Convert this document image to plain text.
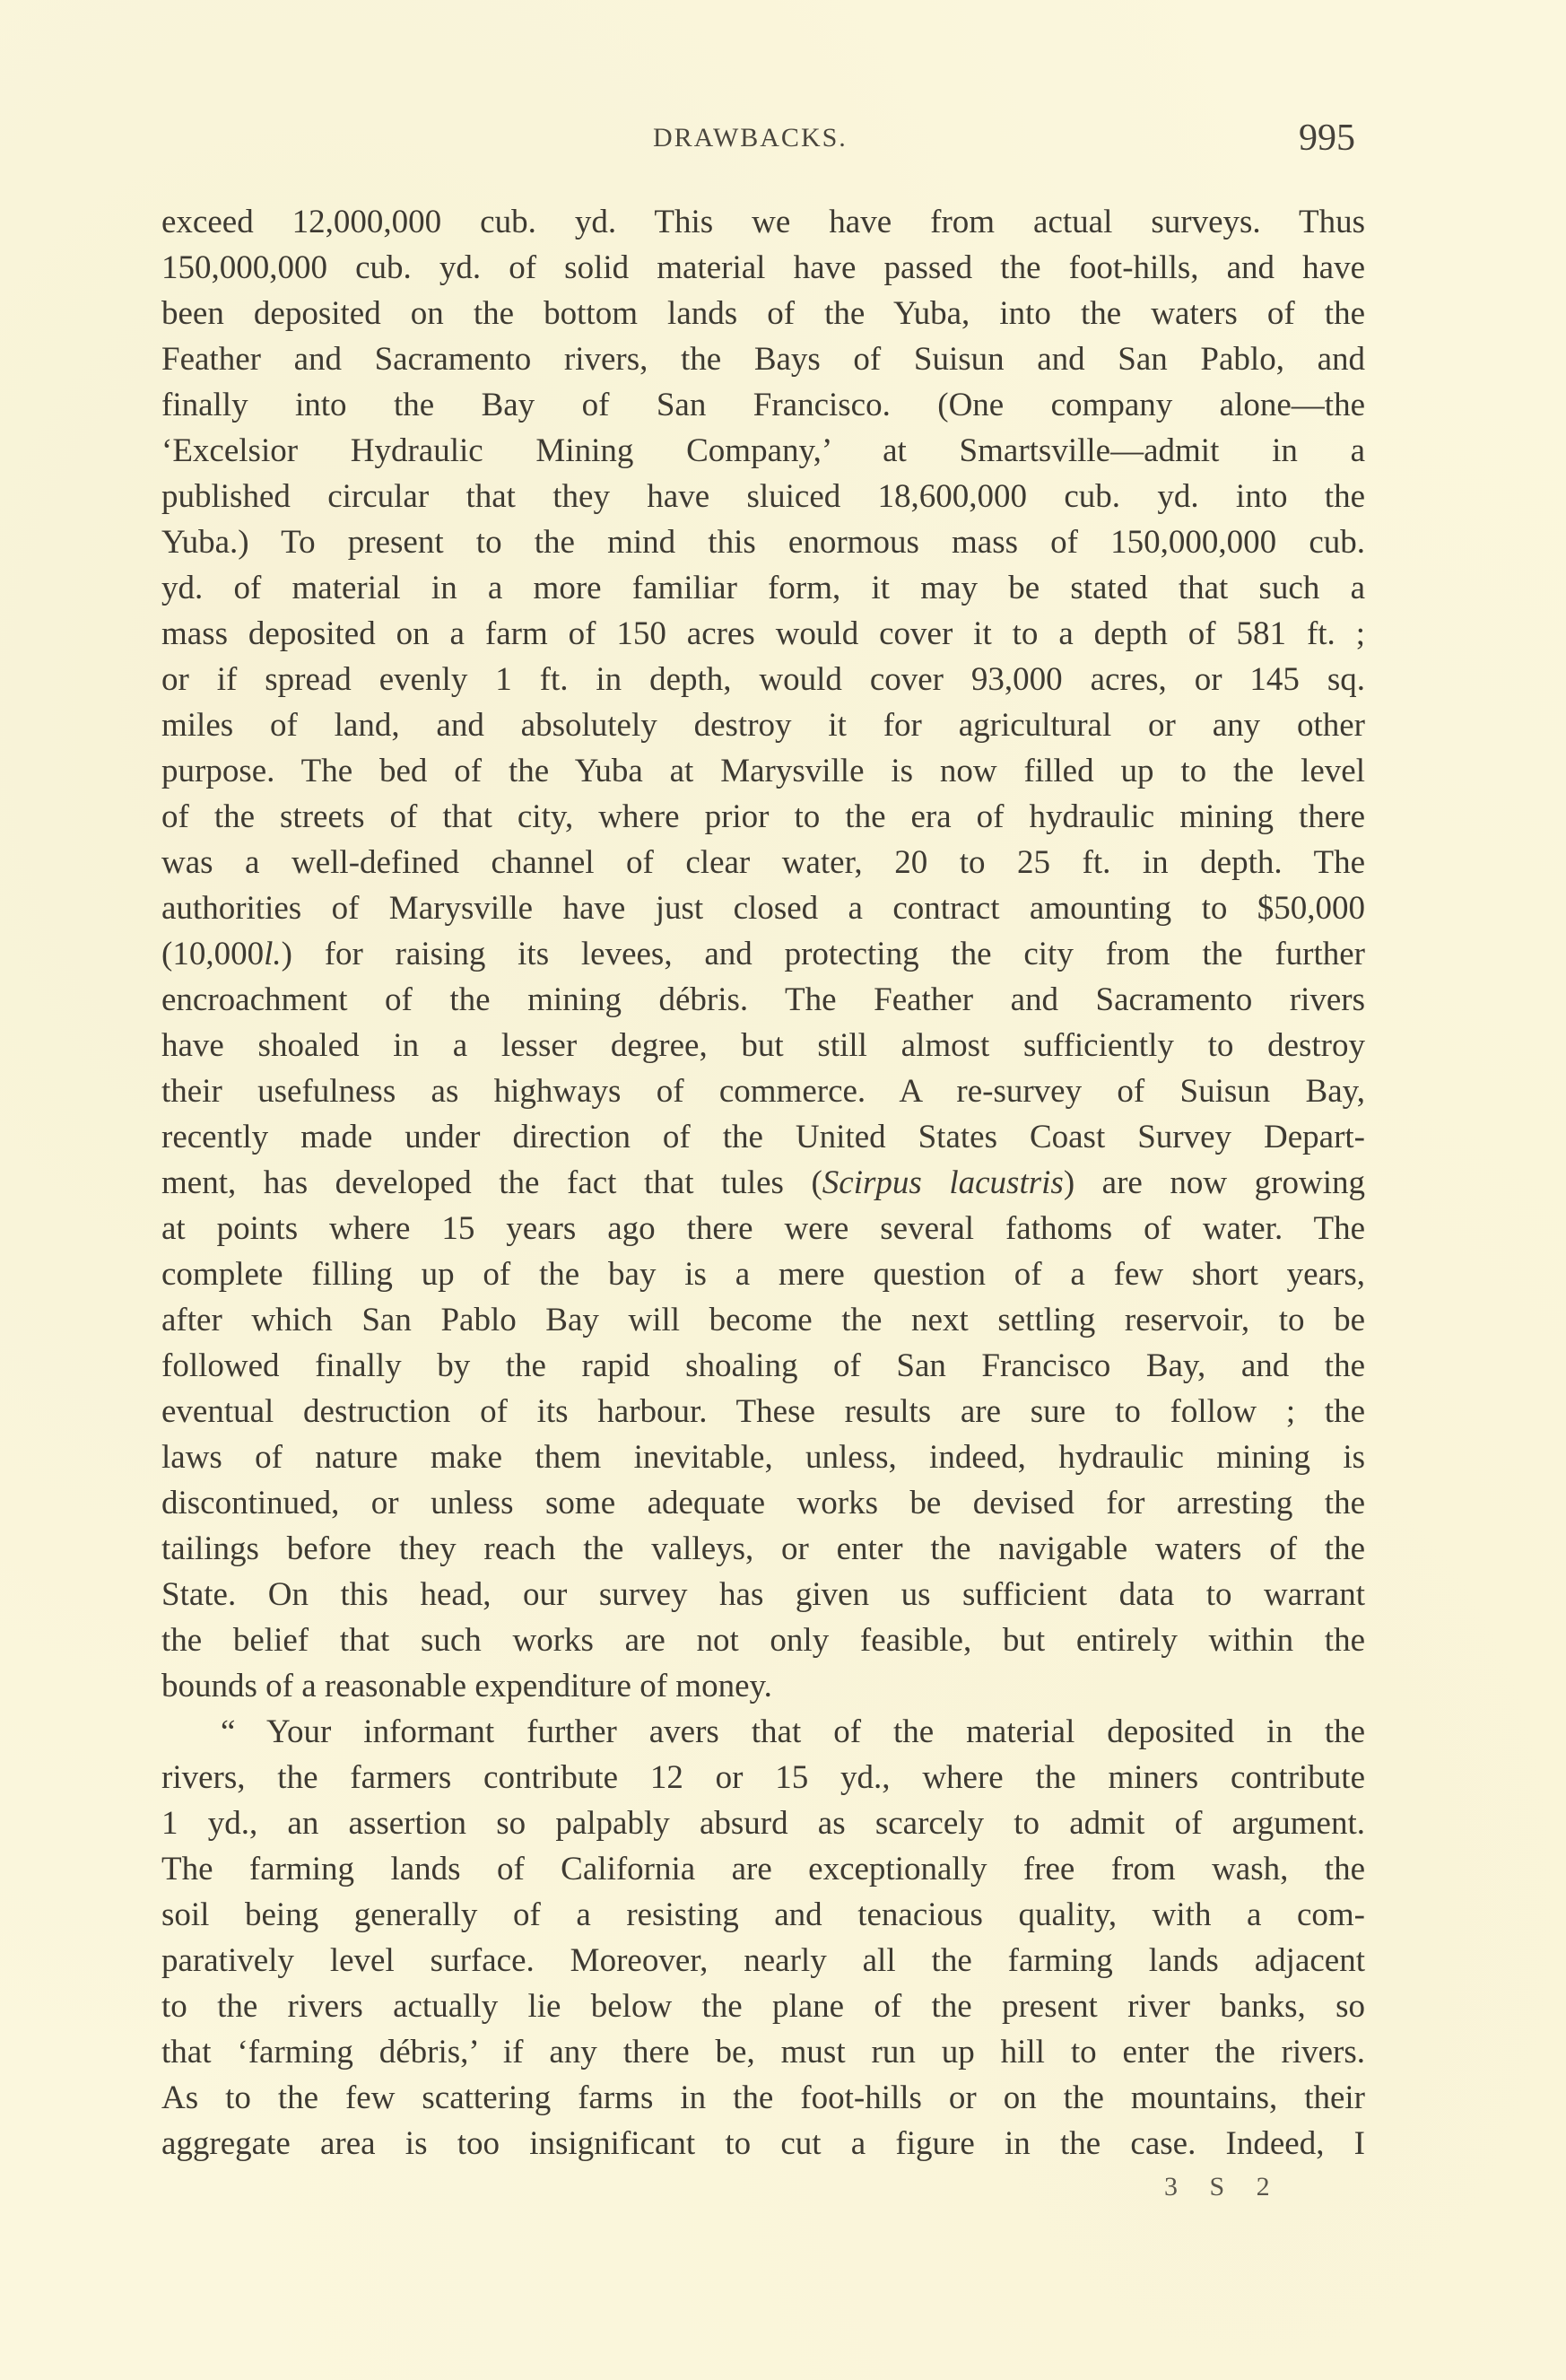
DRAWBACKS.	995
exceed 12,000,000 cub. yd. This we have from actual surveys. Thus
150,000,000 cub. yd. of solid material have passed the foot-hills, and have
been deposited on the bottom lands of the Yuba, into the waters of the
Feather and Sacramento rivers, the Bays of Suisun and San Pablo, and
finally into the Bay of San Francisco. (One company alone—the
‘Excelsior Hydraulic Mining Company,’ at Smartsville—admit in a
published circular that they have sluiced 18,600,000 cub. yd. into the
Yuba.) To present to the mind this enormous mass of 150,000,000 cub.
yd. of material in a more familiar form, it may be stated that such a
mass deposited on a farm of 150 acres would cover it to a depth of 581 ft. ;
or if spread evenly 1 ft. in depth, would cover 93,000 acres, or 145 sq.
miles of land, and absolutely destroy it for agricultural or any other
purpose. The bed of the Yuba at Marysville is now filled up to the level
of the streets of that city, where prior to the era of hydraulic mining there
was a well-defined channel of clear water, 20 to 25 ft. in depth. The
authorities of Marysville have just closed a contract amounting to $50,000
(10,000l.) for raising its levees, and protecting the city from the further
encroachment of the mining débris. The Feather and Sacramento rivers
have shoaled in a lesser degree, but still almost sufficiently to destroy
their usefulness as highways of commerce. A re-survey of Suisun Bay,
recently made under direction of the United States Coast Survey Depart-
ment, has developed the fact that tules (Scirpus lacustris) are now growing
at points where 15 years ago there were several fathoms of water. The
complete filling up of the bay is a mere question of a few short years,
after which San Pablo Bay will become the next settling reservoir, to be
followed finally by the rapid shoaling of San Francisco Bay, and the
eventual destruction of its harbour. These results are sure to follow ; the
laws of nature make them inevitable, unless, indeed, hydraulic mining is
discontinued, or unless some adequate works be devised for arresting the
tailings before they reach the valleys, or enter the navigable waters of the
State. On this head, our survey has given us sufficient data to warrant
the belief that such works are not only feasible, but entirely within the
bounds of a reasonable expenditure of money.
“ Your informant further avers that of the material deposited in the
rivers, the farmers contribute 12 or 15 yd., where the miners contribute
1 yd., an assertion so palpably absurd as scarcely to admit of argument.
The farming lands of California are exceptionally free from wash, the
soil being generally of a resisting and tenacious quality, with a com-
paratively level surface. Moreover, nearly all the farming lands adjacent
to the rivers actually lie below the plane of the present river banks, so
that ‘farming débris,’ if any there be, must run up hill to enter the rivers.
As to the few scattering farms in the foot-hills or on the mountains, their
aggregate area is too insignificant to cut a figure in the case. Indeed, I
3 S 2
